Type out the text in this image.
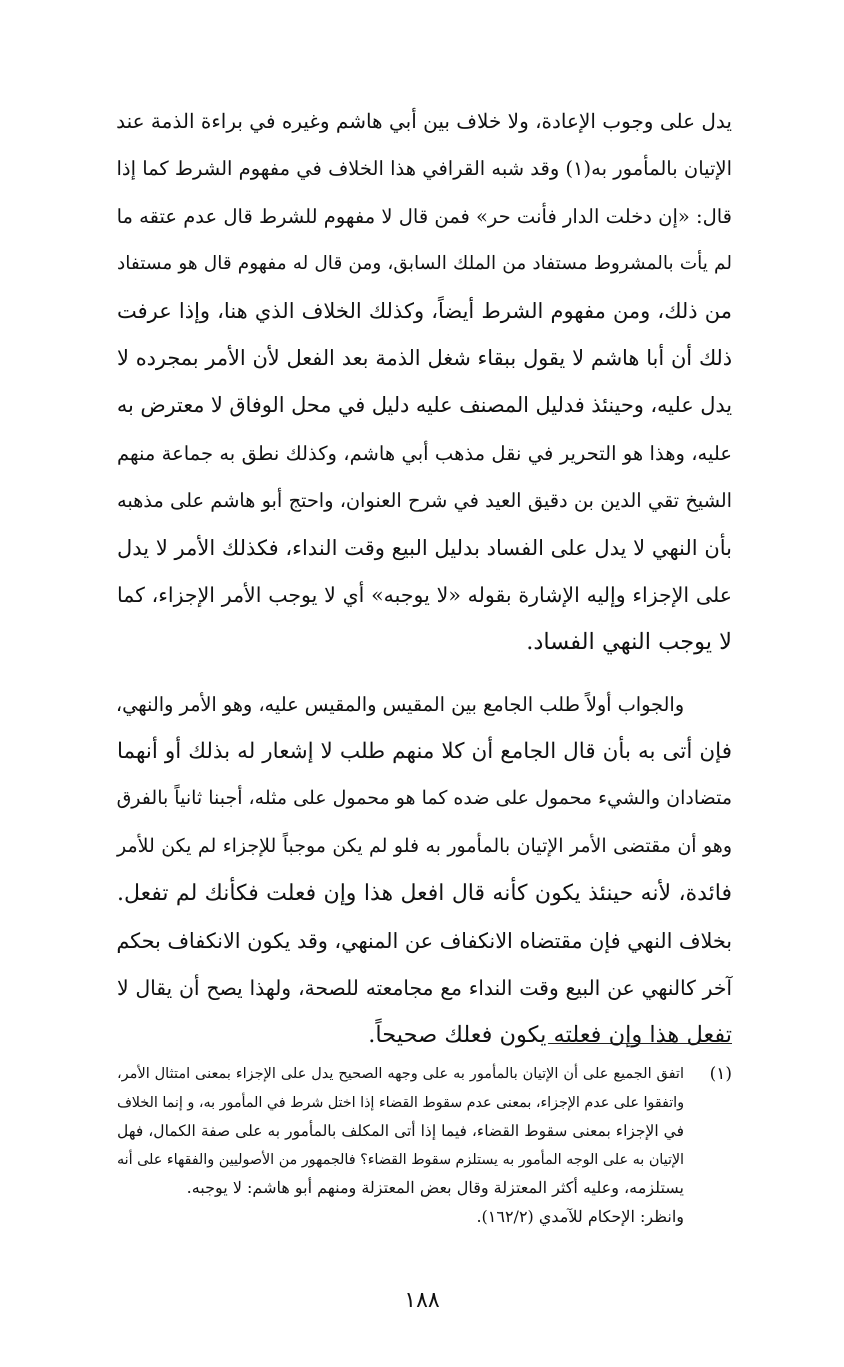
يدل على وجوب الإعادة، ولا خلاف بين أبي هاشم وغيره في براءة الذمة عند
الإتيان بالمأمور به(١) وقد شبه القرافي هذا الخلاف في مفهوم الشرط كما إذا
قال: «إن دخلت الدار فأنت حر» فمن قال لا مفهوم للشرط قال عدم عتقه ما
لم يأت بالمشروط مستفاد من الملك السابق، ومن قال له مفهوم قال هو مستفاد
من ذلك، ومن مفهوم الشرط أيضاً، وكذلك الخلاف الذي هنا، وإذا عرفت
ذلك أن أبا هاشم لا يقول ببقاء شغل الذمة بعد الفعل لأن الأمر بمجرده لا
يدل عليه، وحينئذ فدليل المصنف عليه دليل في محل الوفاق لا معترض به
عليه، وهذا هو التحرير في نقل مذهب أبي هاشم، وكذلك نطق به جماعة منهم
الشيخ تقي الدين بن دقيق العيد في شرح العنوان، واحتج أبو هاشم على مذهبه
بأن النهي لا يدل على الفساد بدليل البيع وقت النداء، فكذلك الأمر لا يدل
على الإجزاء وإليه الإشارة بقوله «لا يوجبه» أي لا يوجب الأمر الإجزاء، كما
لا يوجب النهي الفساد.
والجواب أولاً طلب الجامع بين المقيس والمقيس عليه، وهو الأمر والنهي،
فإن أتى به بأن قال الجامع أن كلا منهم طلب لا إشعار له بذلك أو أنهما
متضادان والشيء محمول على ضده كما هو محمول على مثله، أجبنا ثانياً بالفرق
وهو أن مقتضى الأمر الإتيان بالمأمور به فلو لم يكن موجباً للإجزاء لم يكن للأمر
فائدة، لأنه حينئذ يكون كأنه قال افعل هذا وإن فعلت فكأنك لم تفعل.
بخلاف النهي فإن مقتضاه الانكفاف عن المنهي، وقد يكون الانكفاف بحكم
آخر كالنهي عن البيع وقت النداء مع مجامعته للصحة، ولهذا يصح أن يقال لا
تفعل هذا وإن فعلته يكون فعلك صحيحاً.
(١)
اتفق الجميع على أن الإتيان بالمأمور به على وجهه الصحيح يدل على الإجزاء بمعنى امتثال الأمر،
واتفقوا على عدم الإجزاء، بمعنى عدم سقوط القضاء إذا اختل شرط في المأمور به، و إنما الخلاف
في الإجزاء بمعنى سقوط القضاء، فيما إذا أتى المكلف بالمأمور به على صفة الكمال، فهل
الإتيان به على الوجه المأمور به يستلزم سقوط القضاء؟ فالجمهور من الأصوليين والفقهاء على أنه
يستلزمه، وعليه أكثر المعتزلة وقال بعض المعتزلة ومنهم أبو هاشم: لا يوجبه.
وانظر: الإحكام للآمدي (١٦٢/٢).
١٨٨
